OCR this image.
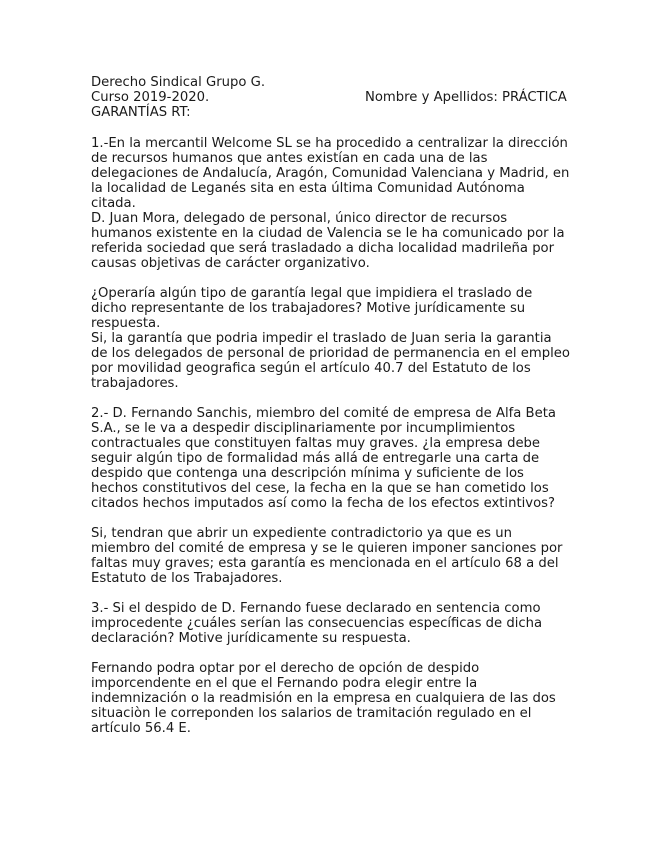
Derecho Sindical Grupo G.
Curso 2019-2020.	Nombre y Apellidos: PRÁCTICA
GARANTÍAS RT:

1.-En la mercantil Welcome SL se ha procedido a centralizar la dirección de recursos humanos que antes existían en cada una de las delegaciones de Andalucía, Aragón, Comunidad Valenciana y Madrid, en la localidad de Leganés sita en esta última Comunidad Autónoma citada.

D. Juan Mora, delegado de personal, único director de recursos humanos existente en la ciudad de Valencia se le ha comunicado por la referida sociedad que será trasladado a dicha localidad madrileña por causas objetivas de carácter organizativo.

¿Operaría algún tipo de garantía legal que impidiera el traslado de dicho representante de los trabajadores? Motive jurídicamente su respuesta.

Si, la garantía que podria impedir el traslado de Juan seria la garantia de los delegados de personal de prioridad de permanencia en el empleo por movilidad geografica según el artículo 40.7 del Estatuto de los trabajadores.

2.- D. Fernando Sanchis, miembro del comité de empresa de Alfa Beta S.A., se le va a despedir disciplinariamente por incumplimientos contractuales que constituyen faltas muy graves. ¿la empresa debe seguir algún tipo de formalidad más allá de entregarle una carta de despido que contenga una descripción mínima y suficiente de los hechos constitutivos del cese, la fecha en la que se han cometido los citados hechos imputados así como la fecha de los efectos extintivos?

Si, tendran que abrir un expediente contradictorio ya que es un miembro del comité de empresa y se le quieren imponer sanciones por faltas muy graves; esta garantía es mencionada en el artículo 68 a del Estatuto de los Trabajadores.

3.- Si el despido de D. Fernando fuese declarado en sentencia como improcedente ¿cuáles serían las consecuencias específicas de dicha declaración? Motive jurídicamente su respuesta.

Fernando podra optar por el derecho de opción de despido imporcendente en el que el Fernando podra elegir entre la indemnización o la readmisión en la empresa en cualquiera de las dos situaciòn le correponden los salarios de tramitación regulado en el artículo 56.4 E.
